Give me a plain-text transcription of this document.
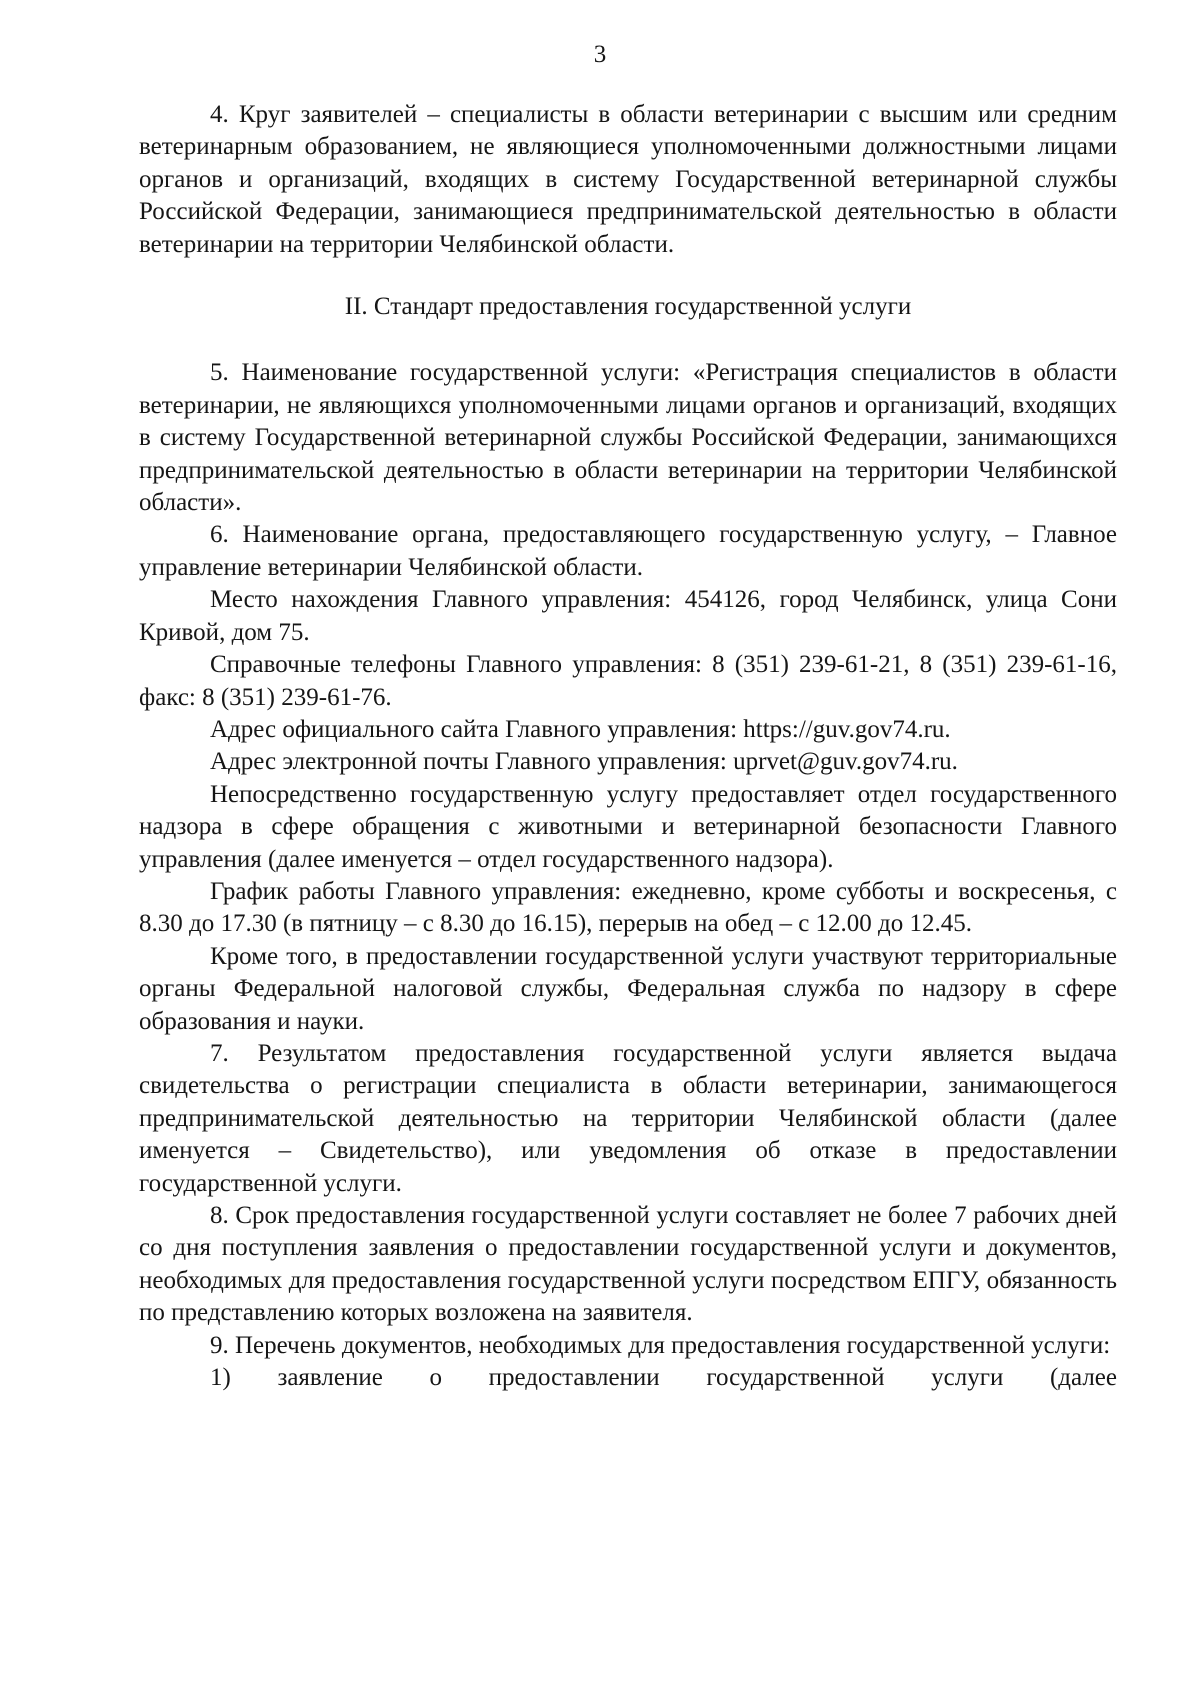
3

4. Круг заявителей – специалисты в области ветеринарии с высшим или средним ветеринарным образованием, не являющиеся уполномоченными должностными лицами органов и организаций, входящих в систему Государственной ветеринарной службы Российской Федерации, занимающиеся предпринимательской деятельностью в области ветеринарии на территории Челябинской области.

II. Стандарт предоставления государственной услуги

5. Наименование государственной услуги: «Регистрация специалистов в области ветеринарии, не являющихся уполномоченными лицами органов и организаций, входящих в систему Государственной ветеринарной службы Российской Федерации, занимающихся предпринимательской деятельностью в области ветеринарии на территории Челябинской области».

6. Наименование органа, предоставляющего государственную услугу, – Главное управление ветеринарии Челябинской области.

Место нахождения Главного управления: 454126, город Челябинск, улица Сони Кривой, дом 75.

Справочные телефоны Главного управления: 8 (351) 239-61-21, 8 (351) 239-61-16, факс: 8 (351) 239-61-76.

Адрес официального сайта Главного управления: https://guv.gov74.ru.

Адрес электронной почты Главного управления: uprvet@guv.gov74.ru.

Непосредственно государственную услугу предоставляет отдел государственного надзора в сфере обращения с животными и ветеринарной безопасности Главного управления (далее именуется – отдел государственного надзора).

График работы Главного управления: ежедневно, кроме субботы и воскресенья, с 8.30 до 17.30 (в пятницу – с 8.30 до 16.15), перерыв на обед – с 12.00 до 12.45.

Кроме того, в предоставлении государственной услуги участвуют территориальные органы Федеральной налоговой службы, Федеральная служба по надзору в сфере образования и науки.

7. Результатом предоставления государственной услуги является выдача свидетельства о регистрации специалиста в области ветеринарии, занимающегося предпринимательской деятельностью на территории Челябинской области (далее именуется – Свидетельство), или уведомления об отказе в предоставлении государственной услуги.

8. Срок предоставления государственной услуги составляет не более 7 рабочих дней со дня поступления заявления о предоставлении государственной услуги и документов, необходимых для предоставления государственной услуги посредством ЕПГУ, обязанность по представлению которых возложена на заявителя.

9. Перечень документов, необходимых для предоставления государственной услуги:

1) заявление о предоставлении государственной услуги (далее
